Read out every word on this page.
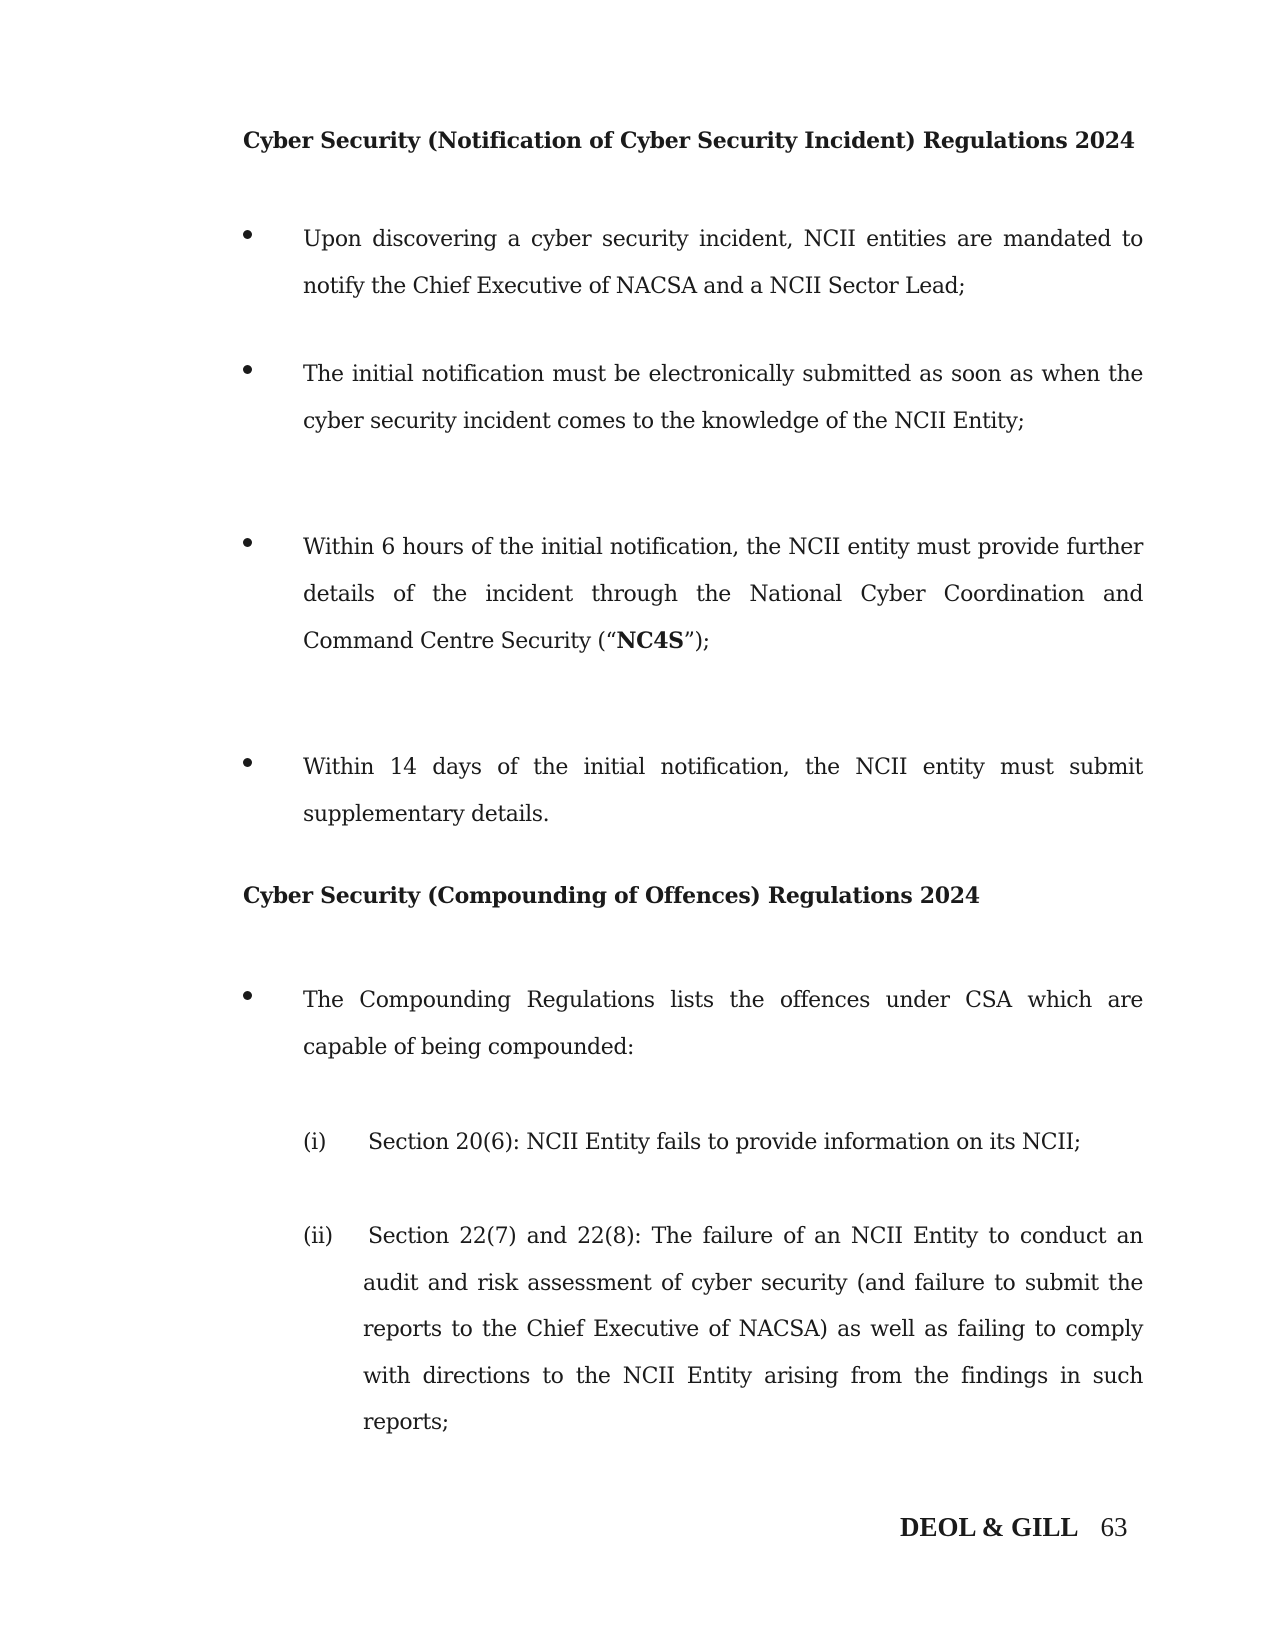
Cyber Security (Notification of Cyber Security Incident) Regulations 2024
Upon discovering a cyber security incident, NCII entities are mandated to notify the Chief Executive of NACSA and a NCII Sector Lead;
The initial notification must be electronically submitted as soon as when the cyber security incident comes to the knowledge of the NCII Entity;
Within 6 hours of the initial notification, the NCII entity must provide further details of the incident through the National Cyber Coordination and Command Centre Security (“NC4S”);
Within 14 days of the initial notification, the NCII entity must submit supplementary details.
Cyber Security (Compounding of Offences) Regulations 2024
The Compounding Regulations lists the offences under CSA which are capable of being compounded:
(i) Section 20(6): NCII Entity fails to provide information on its NCII;
(ii) Section 22(7) and 22(8): The failure of an NCII Entity to conduct an audit and risk assessment of cyber security (and failure to submit the reports to the Chief Executive of NACSA) as well as failing to comply with directions to the NCII Entity arising from the findings in such reports;
DEOL & GILL 63
